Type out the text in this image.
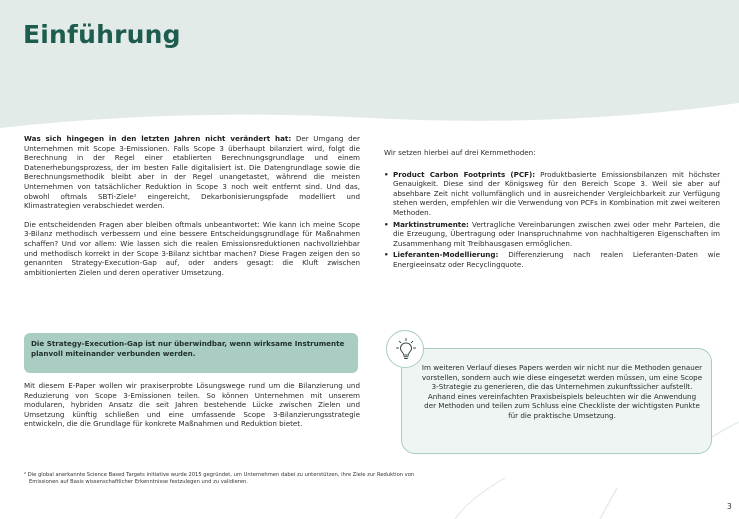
Einführung

Was sich hingegen in den letzten Jahren nicht verändert hat: Der Umgang der Unternehmen mit Scope 3-Emissionen. Falls Scope 3 überhaupt bilanziert wird, folgt die Berechnung in der Regel einer etablierten Berechnungsgrundlage und einem Datenerhebungsprozess, der im besten Falle digitalisiert ist. Die Datengrundlage sowie die Berechnungsmethodik bleibt aber in der Regel unangetastet, während die meisten Unternehmen von tatsächlicher Reduktion in Scope 3 noch weit entfernt sind. Und das, obwohl oftmals SBTi-Ziele² eingereicht, Dekarbonisierungspfade modelliert und Klimastrategien verabschiedet werden.

Die entscheidenden Fragen aber bleiben oftmals unbeantwortet: Wie kann ich meine Scope 3-Bilanz methodisch verbessern und eine bessere Entscheidungsgrundlage für Maßnahmen schaffen? Und vor allem: Wie lassen sich die realen Emissionsreduktionen nachvollziehbar und methodisch korrekt in der Scope 3-Bilanz sichtbar machen? Diese Fragen zeigen den so genannten Strategy-Execution-Gap auf, oder anders gesagt: die Kluft zwischen ambitionierten Zielen und deren operativer Umsetzung.

Die Strategy-Execution-Gap ist nur überwindbar, wenn wirksame Instrumente planvoll miteinander verbunden werden.

Mit diesem E-Paper wollen wir praxiserprobte Lösungswege rund um die Bilanzierung und Reduzierung von Scope 3-Emissionen teilen. So können Unternehmen mit unserem modularen, hybriden Ansatz die seit Jahren bestehende Lücke zwischen Zielen und Umsetzung künftig schließen und eine umfassende Scope 3-Bilanzierungsstrategie entwickeln, die die Grundlage für konkrete Maßnahmen und Reduktion bietet.

Wir setzen hierbei auf drei Kernmethoden:
• Product Carbon Footprints (PCF): Produktbasierte Emissionsbilanzen mit höchster Genauigkeit. Diese sind der Königsweg für den Bereich Scope 3. Weil sie aber auf absehbare Zeit nicht vollumfänglich und in ausreichender Vergleichbarkeit zur Verfügung stehen werden, empfehlen wir die Verwendung von PCFs in Kombination mit zwei weiteren Methoden.
• Marktinstrumente: Vertragliche Vereinbarungen zwischen zwei oder mehr Parteien, die die Erzeugung, Übertragung oder Inanspruchnahme von nachhaltigeren Eigenschaften im Zusammenhang mit Treibhausgasen ermöglichen.
• Lieferanten-Modellierung: Differenzierung nach realen Lieferanten-Daten wie Energieeinsatz oder Recyclingquote.
Im weiteren Verlauf dieses Papers werden wir nicht nur die Methoden genauer vorstellen, sondern auch wie diese eingesetzt werden müssen, um eine Scope 3-Strategie zu generieren, die das Unternehmen zukunftssicher aufstellt. Anhand eines vereinfachten Praxisbeispiels beleuchten wir die Anwendung der Methoden und teilen zum Schluss eine Checkliste der wichtigsten Punkte für die praktische Umsetzung.
² Die global anerkannte Science Based Targets initiative wurde 2015 gegründet, um Unternehmen dabei zu unterstützen, ihre Ziele zur Reduktion von
Emissionen auf Basis wissenschaftlicher Erkenntnisse festzulegen und zu validieren.
3
